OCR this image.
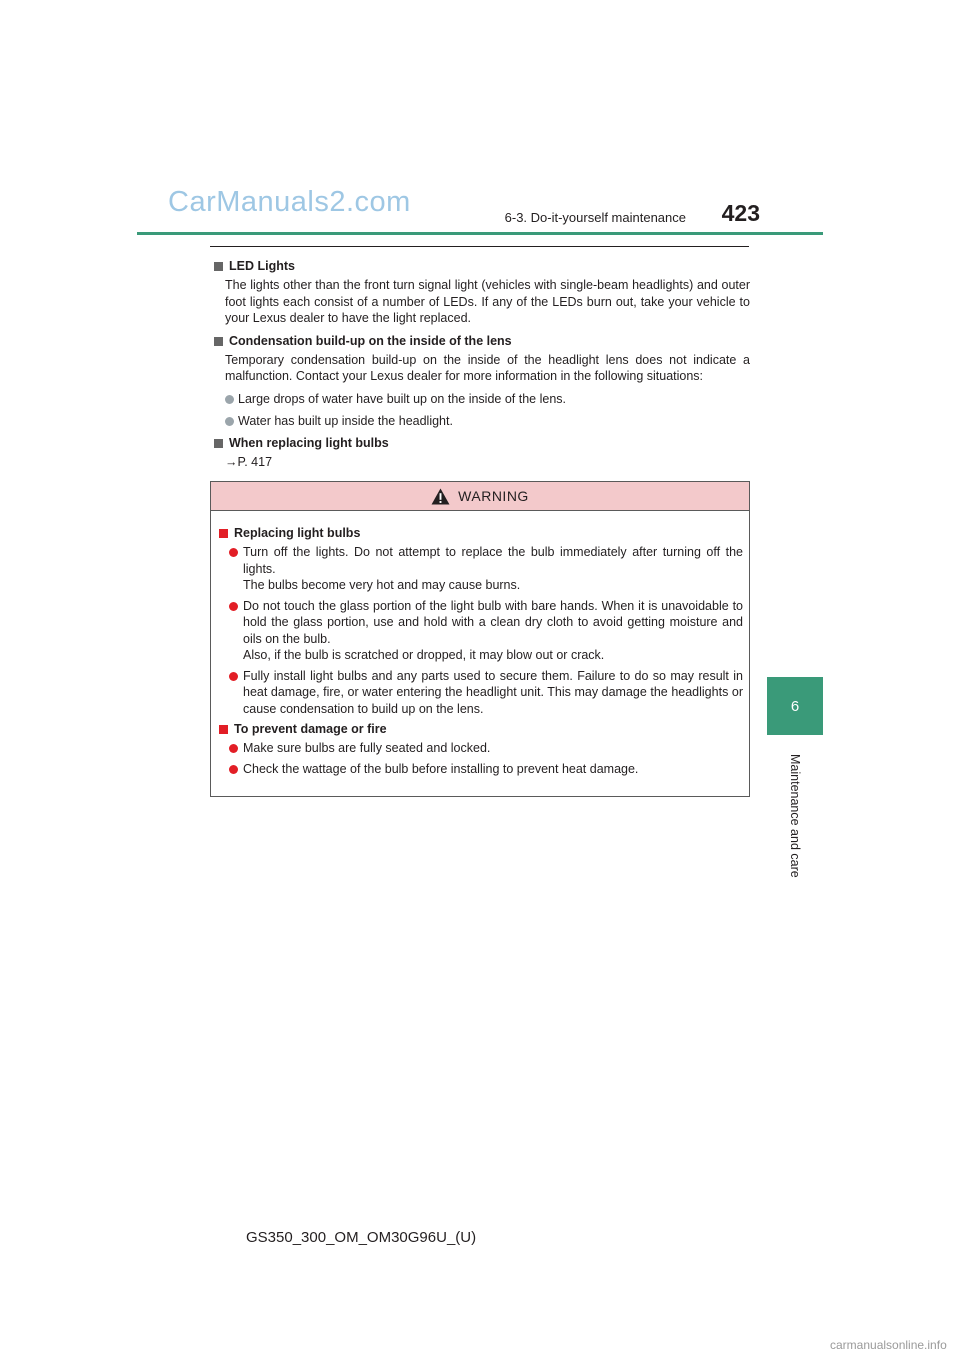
CarManuals2.com	6-3. Do-it-yourself maintenance	423
6
Maintenance and care
LED Lights

The lights other than the front turn signal light (vehicles with single-beam headlights) and outer foot lights each consist of a number of LEDs. If any of the LEDs burn out, take your vehicle to your Lexus dealer to have the light replaced.

Condensation build-up on the inside of the lens

Temporary condensation build-up on the inside of the headlight lens does not indicate a malfunction. Contact your Lexus dealer for more information in the following situations:

Large drops of water have built up on the inside of the lens.
Water has built up inside the headlight.
When replacing light bulbs
→P. 417
WARNING
Replacing light bulbs
Turn off the lights. Do not attempt to replace the bulb immediately after turning off the lights.
The bulbs become very hot and may cause burns.
Do not touch the glass portion of the light bulb with bare hands. When it is unavoidable to hold the glass portion, use and hold with a clean dry cloth to avoid getting moisture and oils on the bulb.
Also, if the bulb is scratched or dropped, it may blow out or crack.
Fully install light bulbs and any parts used to secure them. Failure to do so may result in heat damage, fire, or water entering the headlight unit. This may damage the headlights or cause condensation to build up on the lens.
To prevent damage or fire
Make sure bulbs are fully seated and locked.
Check the wattage of the bulb before installing to prevent heat damage.
GS350_300_OM_OM30G96U_(U)
carmanualsonline.info
